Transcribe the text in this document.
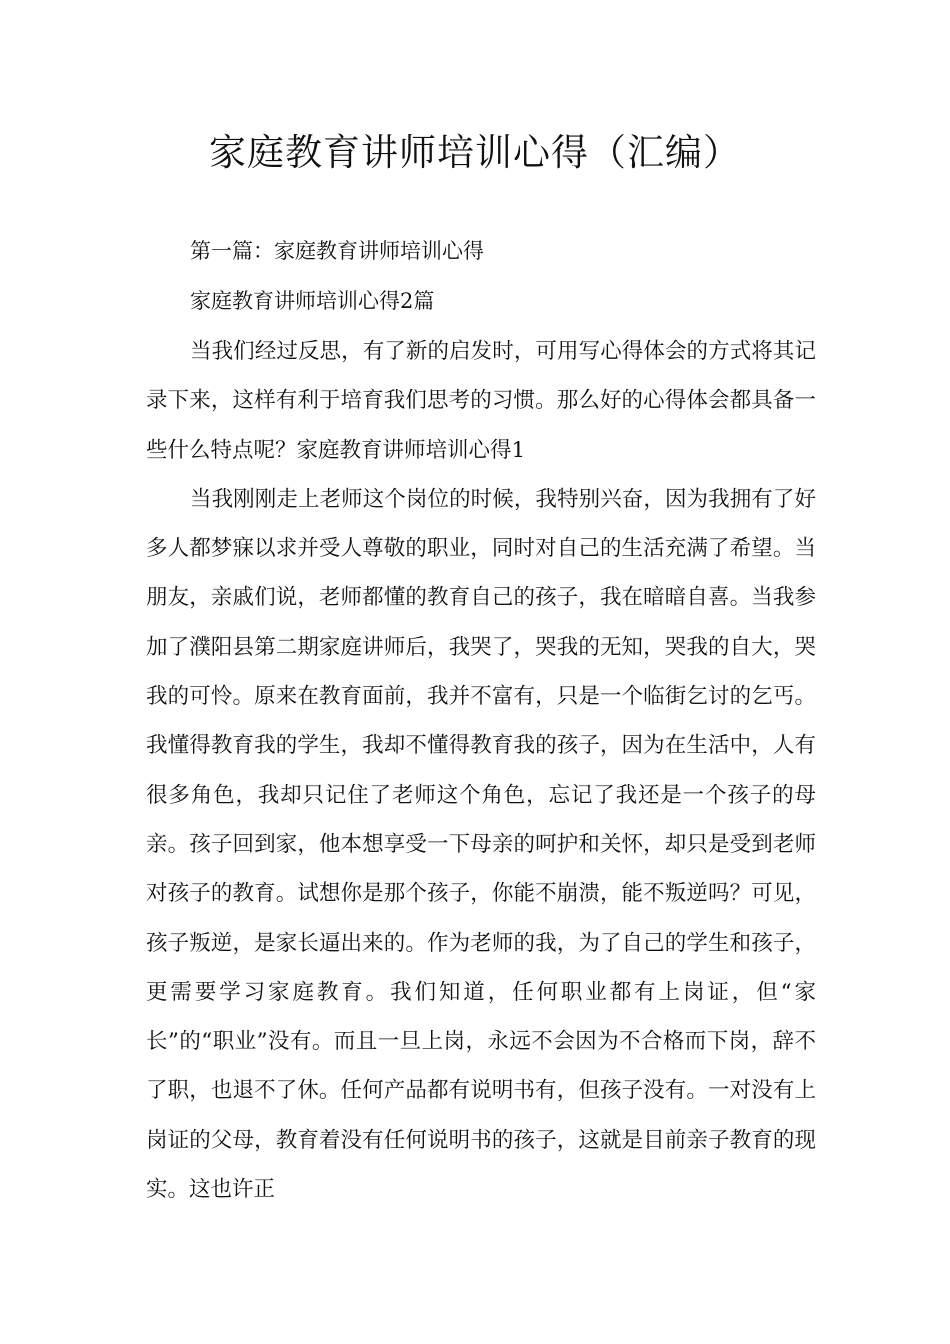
家庭教育讲师培训心得（汇编）

第一篇：家庭教育讲师培训心得

家庭教育讲师培训心得2篇

当我们经过反思，有了新的启发时，可用写心得体会的方式将其记录下来，这样有利于培育我们思考的习惯。那么好的心得体会都具备一些什么特点呢？家庭教育讲师培训心得1

当我刚刚走上老师这个岗位的时候，我特别兴奋，因为我拥有了好多人都梦寐以求并受人尊敬的职业，同时对自己的生活充满了希望。当朋友，亲戚们说，老师都懂的教育自己的孩子，我在暗暗自喜。当我参加了濮阳县第二期家庭讲师后，我哭了，哭我的无知，哭我的自大，哭我的可怜。原来在教育面前，我并不富有，只是一个临街乞讨的乞丐。我懂得教育我的学生，我却不懂得教育我的孩子，因为在生活中，人有很多角色，我却只记住了老师这个角色，忘记了我还是一个孩子的母亲。孩子回到家，他本想享受一下母亲的呵护和关怀，却只是受到老师对孩子的教育。试想你是那个孩子，你能不崩溃，能不叛逆吗？可见，孩子叛逆，是家长逼出来的。作为老师的我，为了自己的学生和孩子，更需要学习家庭教育。我们知道，任何职业都有上岗证，但“家长”的“职业”没有。而且一旦上岗，永远不会因为不合格而下岗，辞不了职，也退不了休。任何产品都有说明书有，但孩子没有。一对没有上岗证的父母，教育着没有任何说明书的孩子，这就是目前亲子教育的现实。这也许正
